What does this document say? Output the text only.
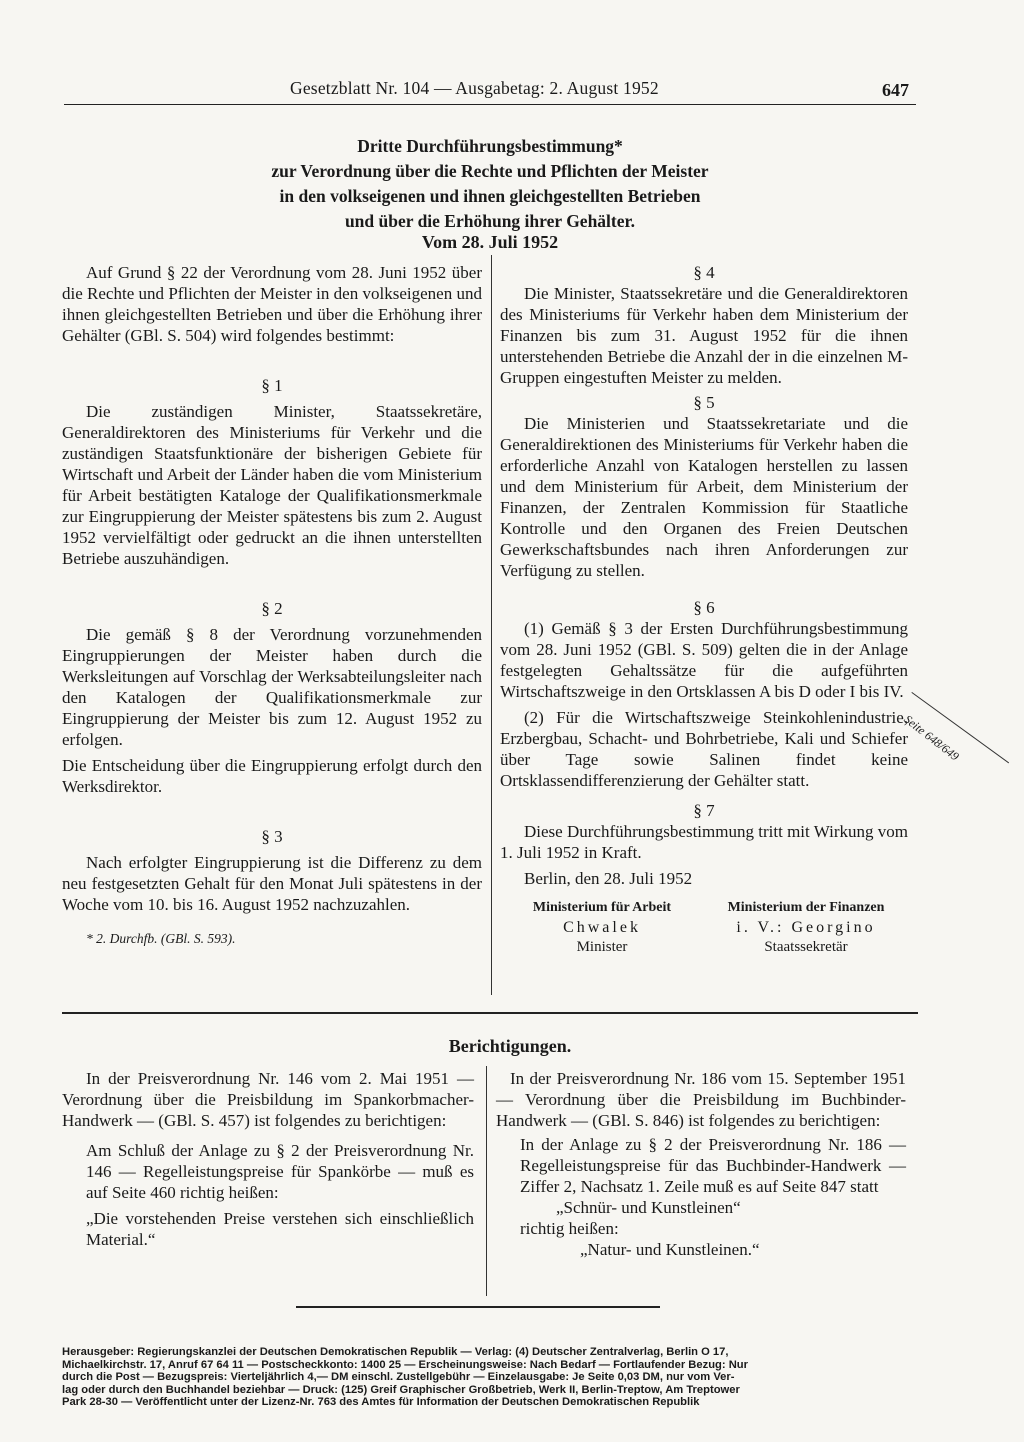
Gesetzblatt Nr. 104 — Ausgabetag: 2. August 1952	647
Dritte Durchführungsbestimmung*
zur Verordnung über die Rechte und Pflichten der Meister
in den volkseigenen und ihnen gleichgestellten Betrieben
und über die Erhöhung ihrer Gehälter.
Vom 28. Juli 1952

Auf Grund § 22 der Verordnung vom 28. Juni 1952 über die Rechte und Pflichten der Meister in den volkseigenen und ihnen gleichgestellten Betrieben und über die Erhöhung ihrer Gehälter (GBl. S. 504) wird folgendes bestimmt:

§ 1

Die zuständigen Minister, Staatssekretäre, Generaldirektoren des Ministeriums für Verkehr und die zuständigen Staatsfunktionäre der bisherigen Gebiete für Wirtschaft und Arbeit der Länder haben die vom Ministerium für Arbeit bestätigten Kataloge der Qualifikationsmerkmale zur Eingruppierung der Meister spätestens bis zum 2. August 1952 vervielfältigt oder gedruckt an die ihnen unterstellten Betriebe auszuhändigen.

§ 2

Die gemäß § 8 der Verordnung vorzunehmenden Eingruppierungen der Meister haben durch die Werksleitungen auf Vorschlag der Werksabteilungsleiter nach den Katalogen der Qualifikationsmerkmale zur Eingruppierung der Meister bis zum 12. August 1952 zu erfolgen.

Die Entscheidung über die Eingruppierung erfolgt durch den Werksdirektor.

§ 3

Nach erfolgter Eingruppierung ist die Differenz zu dem neu festgesetzten Gehalt für den Monat Juli spätestens in der Woche vom 10. bis 16. August 1952 nachzuzahlen.

* 2. Durchfb. (GBl. S. 593).

§ 4

Die Minister, Staatssekretäre und die Generaldirektoren des Ministeriums für Verkehr haben dem Ministerium der Finanzen bis zum 31. August 1952 für die ihnen unterstehenden Betriebe die Anzahl der in die einzelnen M-Gruppen eingestuften Meister zu melden.

§ 5

Die Ministerien und Staatssekretariate und die Generaldirektionen des Ministeriums für Verkehr haben die erforderliche Anzahl von Katalogen herstellen zu lassen und dem Ministerium für Arbeit, dem Ministerium der Finanzen, der Zentralen Kommission für Staatliche Kontrolle und den Organen des Freien Deutschen Gewerkschaftsbundes nach ihren Anforderungen zur Verfügung zu stellen.

§ 6

(1) Gemäß § 3 der Ersten Durchführungsbestimmung vom 28. Juni 1952 (GBl. S. 509) gelten die in der Anlage festgelegten Gehaltssätze für die aufgeführten Wirtschaftszweige in den Ortsklassen A bis D oder I bis IV.

(2) Für die Wirtschaftszweige Steinkohlenindustrie, Erzbergbau, Schacht- und Bohrbetriebe, Kali und Schiefer über Tage sowie Salinen findet keine Ortsklassendifferenzierung der Gehälter statt.

§ 7

Diese Durchführungsbestimmung tritt mit Wirkung vom 1. Juli 1952 in Kraft.

Berlin, den 28. Juli 1952

Ministerium für Arbeit
Chwalek
Minister
Ministerium der Finanzen
i. V.: Georgino
Staatssekretär
Seite 648/649
Berichtigungen.

In der Preisverordnung Nr. 146 vom 2. Mai 1951 — Verordnung über die Preisbildung im Spankorbmacher-Handwerk — (GBl. S. 457) ist folgendes zu berichtigen:

Am Schluß der Anlage zu § 2 der Preisverordnung Nr. 146 — Regelleistungspreise für Spankörbe — muß es auf Seite 460 richtig heißen:

„Die vorstehenden Preise verstehen sich einschließlich Material.“

In der Preisverordnung Nr. 186 vom 15. September 1951 — Verordnung über die Preisbildung im Buchbinder-Handwerk — (GBl. S. 846) ist folgendes zu berichtigen:

In der Anlage zu § 2 der Preisverordnung Nr. 186 — Regelleistungspreise für das Buchbinder-Handwerk — Ziffer 2, Nachsatz 1. Zeile muß es auf Seite 847 statt

„Schnür- und Kunstleinen“

richtig heißen:

„Natur- und Kunstleinen.“

Herausgeber: Regierungskanzlei der Deutschen Demokratischen Republik — Verlag: (4) Deutscher Zentralverlag, Berlin O 17,
Michaelkirchstr. 17, Anruf 67 64 11 — Postscheckkonto: 1400 25 — Erscheinungsweise: Nach Bedarf — Fortlaufender Bezug: Nur
durch die Post — Bezugspreis: Vierteljährlich 4,— DM einschl. Zustellgebühr — Einzelausgabe: Je Seite 0,03 DM, nur vom Ver-
lag oder durch den Buchhandel beziehbar — Druck: (125) Greif Graphischer Großbetrieb, Werk II, Berlin-Treptow, Am Treptower
Park 28-30 — Veröffentlicht unter der Lizenz-Nr. 763 des Amtes für Information der Deutschen Demokratischen Republik
